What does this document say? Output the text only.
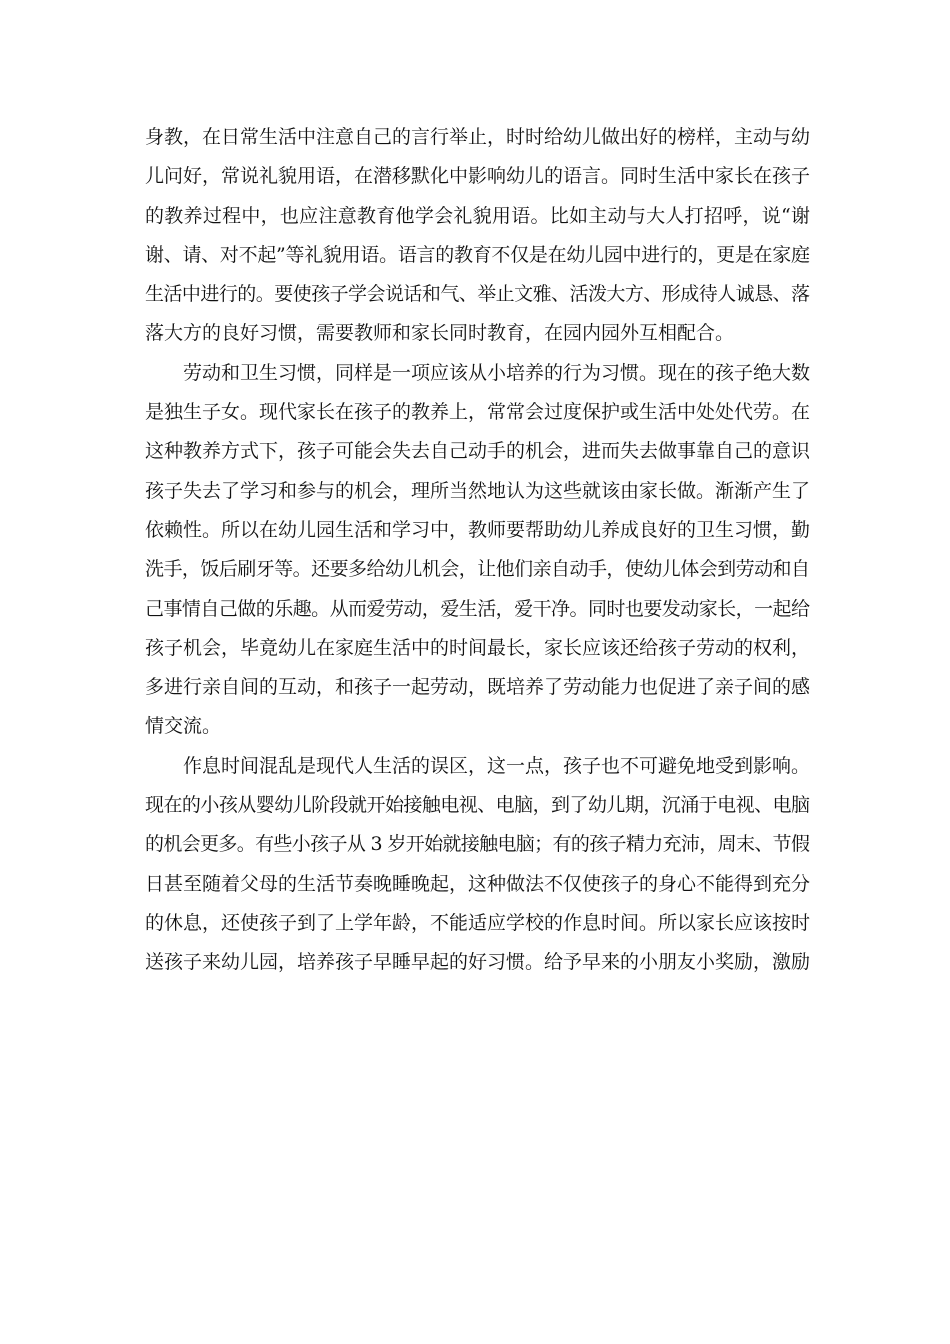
身教，在日常生活中注意自己的言行举止，时时给幼儿做出好的榜样，主动与幼
儿问好，常说礼貌用语，在潜移默化中影响幼儿的语言。同时生活中家长在孩子
的教养过程中，也应注意教育他学会礼貌用语。比如主动与大人打招呼，说“谢
谢、请、对不起”等礼貌用语。语言的教育不仅是在幼儿园中进行的，更是在家庭
生活中进行的。要使孩子学会说话和气、举止文雅、活泼大方、形成待人诚恳、落
落大方的良好习惯，需要教师和家长同时教育，在园内园外互相配合。
劳动和卫生习惯，同样是一项应该从小培养的行为习惯。现在的孩子绝大数
是独生子女。现代家长在孩子的教养上，常常会过度保护或生活中处处代劳。在
这种教养方式下，孩子可能会失去自己动手的机会，进而失去做事靠自己的意识
孩子失去了学习和参与的机会，理所当然地认为这些就该由家长做。渐渐产生了
依赖性。所以在幼儿园生活和学习中，教师要帮助幼儿养成良好的卫生习惯，勤
洗手，饭后刷牙等。还要多给幼儿机会，让他们亲自动手，使幼儿体会到劳动和自
己事情自己做的乐趣。从而爱劳动，爱生活，爱干净。同时也要发动家长，一起给
孩子机会，毕竟幼儿在家庭生活中的时间最长，家长应该还给孩子劳动的权利，
多进行亲自间的互动，和孩子一起劳动，既培养了劳动能力也促进了亲子间的感
情交流。
作息时间混乱是现代人生活的误区，这一点，孩子也不可避免地受到影响。
现在的小孩从婴幼儿阶段就开始接触电视、电脑，到了幼儿期，沉涌于电视、电脑
的机会更多。有些小孩子从 3 岁开始就接触电脑；有的孩子精力充沛，周末、节假
日甚至随着父母的生活节奏晚睡晚起，这种做法不仅使孩子的身心不能得到充分
的休息，还使孩子到了上学年龄，不能适应学校的作息时间。所以家长应该按时
送孩子来幼儿园，培养孩子早睡早起的好习惯。给予早来的小朋友小奖励，激励
